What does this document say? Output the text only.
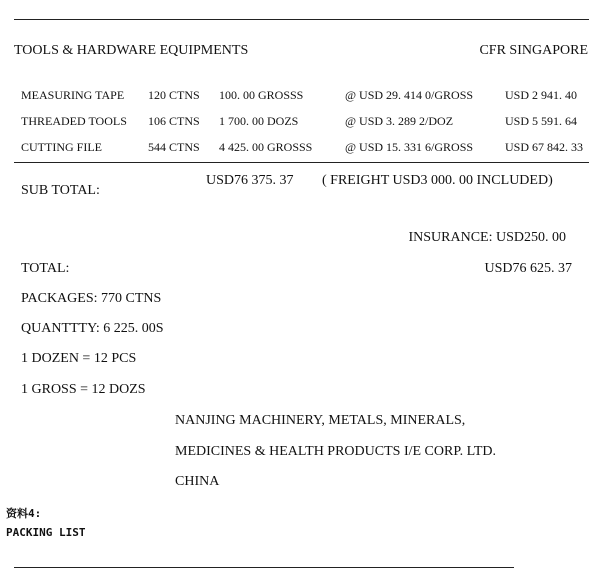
TOOLS & HARDWARE EQUIPMENTS	CFR SINGAPORE
MEASURING TAPE 120 CTNS 100. 00 GROSSS	@ USD 29. 414 0/GROSS	USD 2 941. 40
THREADED TOOLS 106 CTNS 1 700. 00 DOZS	@ USD 3. 289 2/DOZ	USD 5 591. 64
CUTTING FILE	544 CTNS 4 425. 00 GROSSS	@ USD 15. 331 6/GROSS	USD 67 842. 33
SUB TOTAL:
USD76 375. 37 ( FREIGHT USD3 000. 00 INCLUDED)
INSURANCE: USD250. 00
TOTAL:	USD76 625. 37
PACKAGES: 770 CTNS
QUANTTTY: 6 225. 00S
1 DOZEN = 12 PCS
1 GROSS = 12 DOZS
NANJING MACHINERY, METALS, MINERALS,
MEDICINES & HEALTH PRODUCTS I/E CORP. LTD.
CHINA
资料4:
PACKING LIST
